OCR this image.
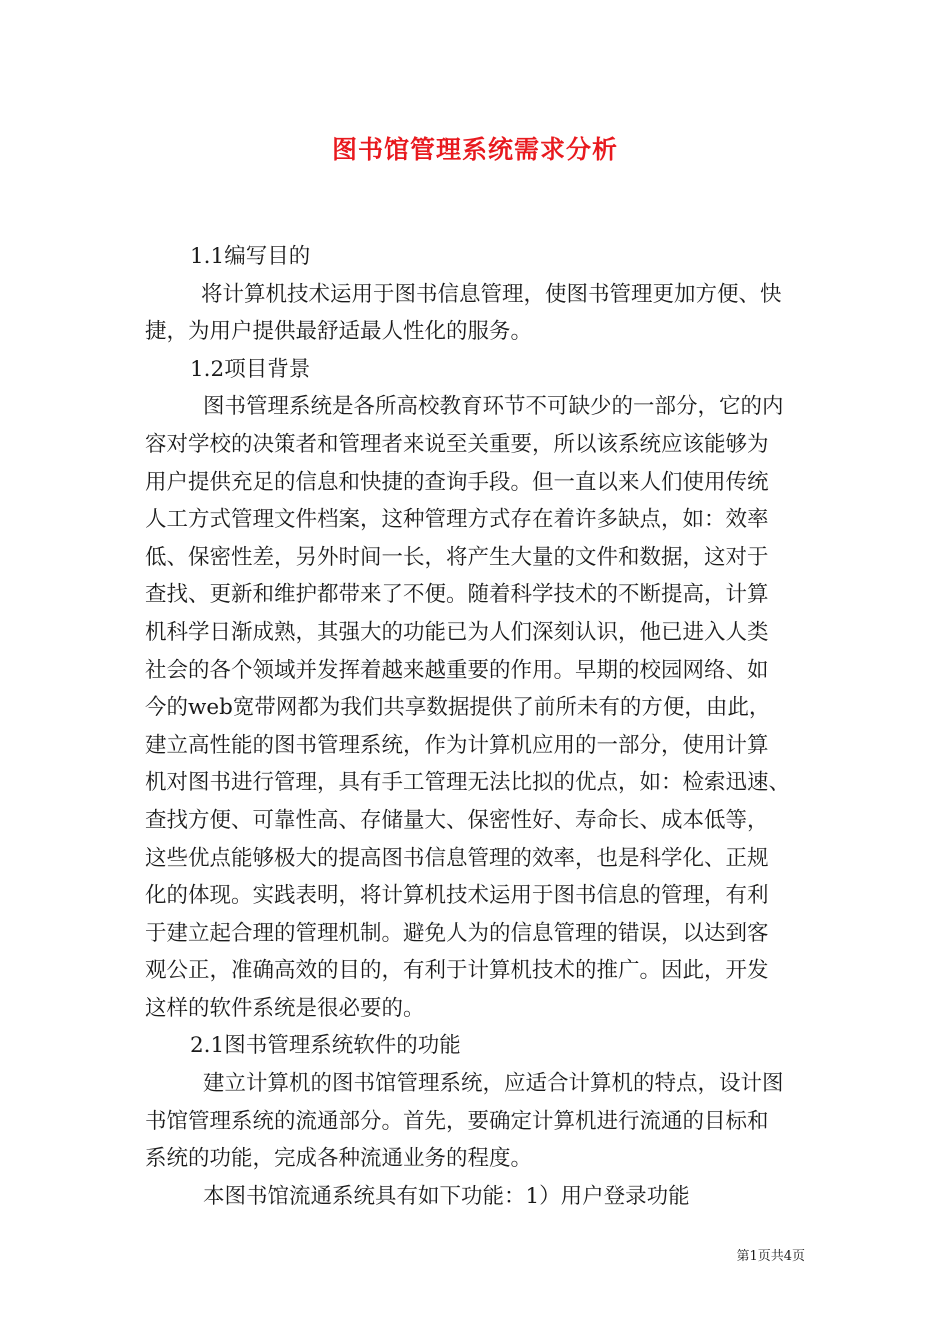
图书馆管理系统需求分析
1.1编写目的
将计算机技术运用于图书信息管理，使图书管理更加方便、快
捷，为用户提供最舒适最人性化的服务。
1.2项目背景
图书管理系统是各所高校教育环节不可缺少的一部分，它的内
容对学校的决策者和管理者来说至关重要，所以该系统应该能够为
用户提供充足的信息和快捷的查询手段。但一直以来人们使用传统
人工方式管理文件档案，这种管理方式存在着许多缺点，如：效率
低、保密性差，另外时间一长，将产生大量的文件和数据，这对于
查找、更新和维护都带来了不便。随着科学技术的不断提高，计算
机科学日渐成熟，其强大的功能已为人们深刻认识，他已进入人类
社会的各个领域并发挥着越来越重要的作用。早期的校园网络、如
今的web宽带网都为我们共享数据提供了前所未有的方便，由此，
建立高性能的图书管理系统，作为计算机应用的一部分，使用计算
机对图书进行管理，具有手工管理无法比拟的优点，如：检索迅速、
查找方便、可靠性高、存储量大、保密性好、寿命长、成本低等，
这些优点能够极大的提高图书信息管理的效率，也是科学化、正规
化的体现。实践表明，将计算机技术运用于图书信息的管理，有利
于建立起合理的管理机制。避免人为的信息管理的错误，以达到客
观公正，准确高效的目的，有利于计算机技术的推广。因此，开发
这样的软件系统是很必要的。
2.1图书管理系统软件的功能
建立计算机的图书馆管理系统，应适合计算机的特点，设计图
书馆管理系统的流通部分。首先，要确定计算机进行流通的目标和
系统的功能，完成各种流通业务的程度。
本图书馆流通系统具有如下功能：1）用户登录功能
第1页共4页
